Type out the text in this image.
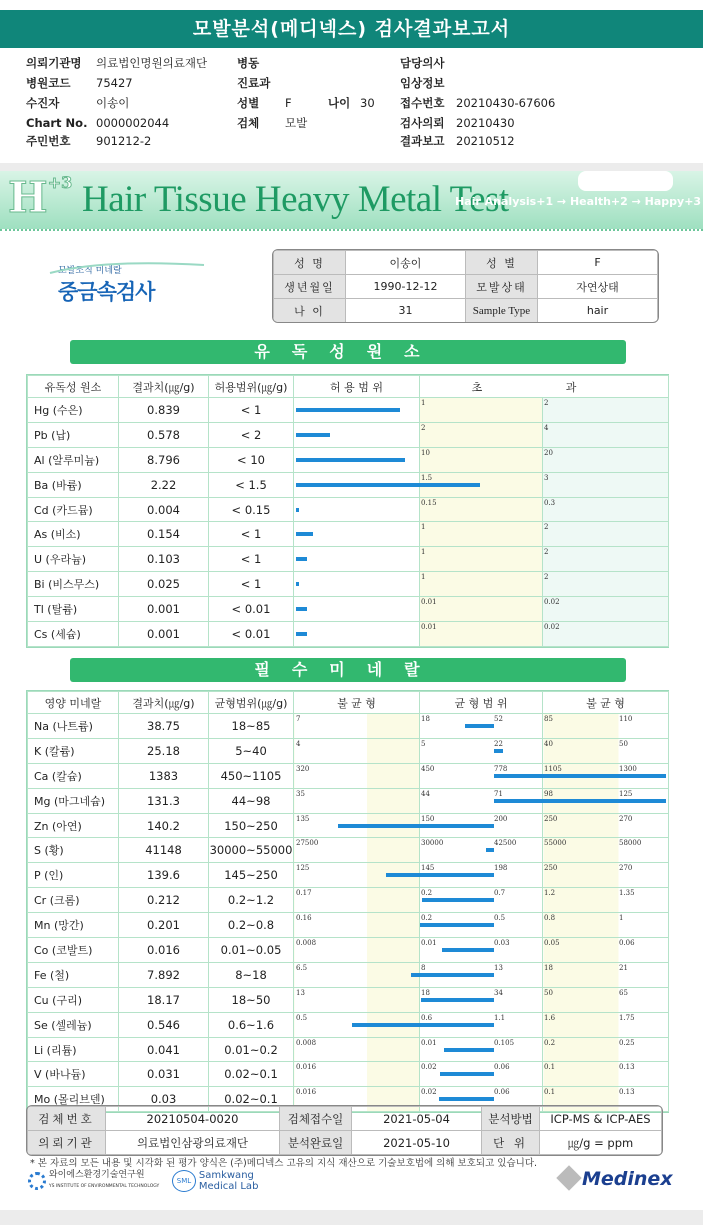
모발분석(메디넥스) 검사결과보고서
의뢰기관명 의료법인명원의료재단	병동	담당의사
병원코드 75427	진료과	임상정보
수진자	이송이	성별 F	나이 30 접수번호 20210430-67606
Chart No. 0000002044	검체 모발	검사의뢰 20210430
주민번호 901212-2	결과보고 20210512
$H^{+3}$ Hair Tissue Heavy Metal Test
Hair Analysis+1 → Health+2 → Happy+3
모발조직 미네랄
중금속검사
성 명	이송이	성 별	F
생년월일	1990-12-12	모발상태	자연상태
나 이	31	Sample Type	hair
유독성원소
유독성 원소	결과치(㎍/g)	허용범위(㎍/g)	허 용 범 위	초 과	
Hg (수은)	0.839	< 1		1	2

Pb (납)	0.578	< 2		2	4

Al (알루미늄)	8.796	< 10		10	20

Ba (바륨)	2.22	< 1.5		1.5	3

Cd (카드뮴)	0.004	< 0.15		0.15	0.3

As (비소)	0.154	< 1		1	2

U (우라늄)	0.103	< 1		1	2

Bi (비스무스)	0.025	< 1		1	2

Tl (탈륨)	0.001	< 0.01		0.01	0.02

Cs (세슘)	0.001	< 0.01		0.01	0.02
필수미네랄
영양 미네랄	결과치(㎍/g)	균형범위(㎍/g)	불 균 형	균 형 범 위	불 균 형
Na (나트륨)	38.75	18~85	7	18 52	85 110

K (칼륨)	25.18	5~40	4	5 22	40 50

Ca (칼슘)	1383	450~1105	320	450 778	1105 1300

Mg (마그네슘)	131.3	44~98	35	44 71	98 125

Zn (아연)	140.2	150~250	135	150 200	250 270

S (황)	41148	30000~55000	27500	30000 42500	55000 58000

P (인)	139.6	145~250	125	145 198	250 270

Cr (크롬)	0.212	0.2~1.2	0.17	0.2 0.7	1.2 1.35

Mn (망간)	0.201	0.2~0.8	0.16	0.2 0.5	0.8 1

Co (코발트)	0.016	0.01~0.05	0.008	0.01 0.03	0.05 0.06

Fe (철)	7.892	8~18	6.5	8 13	18 21

Cu (구리)	18.17	18~50	13	18 34	50 65

Se (셀레늄)	0.546	0.6~1.6	0.5	0.6 1.1	1.6 1.75

Li (리튬)	0.041	0.01~0.2	0.008	0.01 0.105	0.2 0.25

V (바나듐)	0.031	0.02~0.1	0.016	0.02 0.06	0.1 0.13

Mo (몰리브덴)	0.03	0.02~0.1	0.016	0.02 0.06	0.1 0.13
검체번호	20210504-0020	검체접수일	2021-05-04	분석방법	ICP-MS & ICP-AES
의뢰기관	의료법인삼광의료재단	분석완료일	2021-05-10	단 위	㎍/g = ppm
* 본 자료의 모든 내용 및 시각화 된 평가 양식은 (주)메디넥스 고유의 지식 재산으로 기술보호법에 의해 보호되고 있습니다.
와이에스환경기술연구원
YS INSTITUTE OF ENVIRONMENTAL TECHNOLOGY
SML Samkwang
Medical Lab	Medinex
